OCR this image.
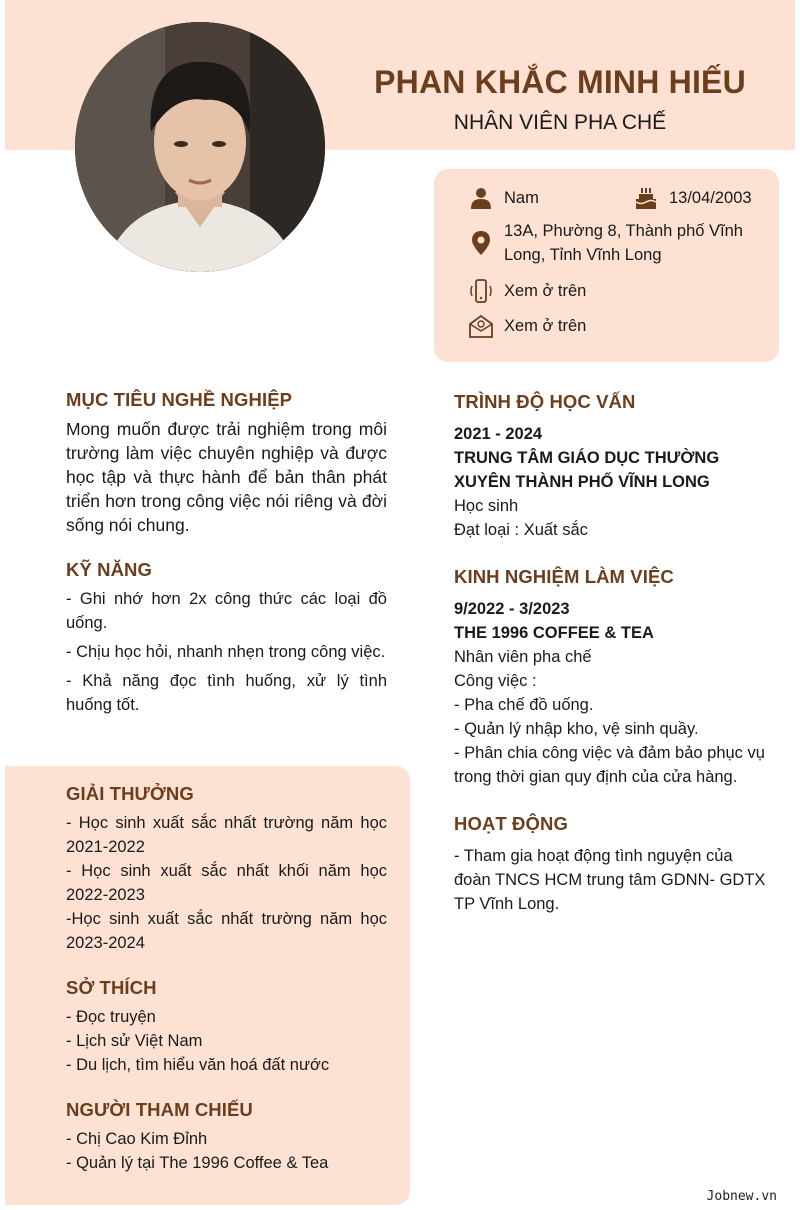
PHAN KHẮC MINH HIẾU
NHÂN VIÊN PHA CHẾ
Nam	13/04/2003
13A, Phường 8, Thành phố Vĩnh Long, Tỉnh Vĩnh Long
Xem ở trên
Xem ở trên
MỤC TIÊU NGHỀ NGHIỆP
Mong muốn được trải nghiệm trong môi trường làm việc chuyên nghiệp và được học tập và thực hành để bản thân phát triển hơn trong công việc nói riêng và đời sống nói chung.
KỸ NĂNG
- Ghi nhớ hơn 2x công thức các loại đồ uống.
- Chịu học hỏi, nhanh nhẹn trong công việc.
- Khả năng đọc tình huống, xử lý tình huống tốt.
GIẢI THƯỞNG
- Học sinh xuất sắc nhất trường năm học 2021-2022
- Học sinh xuất sắc nhất khối năm học 2022-2023
-Học sinh xuất sắc nhất trường năm học 2023-2024
SỞ THÍCH
- Đọc truyện
- Lịch sử Việt Nam
- Du lịch, tìm hiểu văn hoá đất nước
NGƯỜI THAM CHIẾU
- Chị Cao Kim Đỉnh
- Quản lý tại The 1996 Coffee & Tea
TRÌNH ĐỘ HỌC VẤN
2021 - 2024
TRUNG TÂM GIÁO DỤC THƯỜNG XUYÊN THÀNH PHỐ VĨNH LONG
Học sinh
Đạt loại : Xuất sắc
KINH NGHIỆM LÀM VIỆC
9/2022 - 3/2023
THE 1996 COFFEE & TEA
Nhân viên pha chế
Công việc :
- Pha chế đồ uống.
- Quản lý nhập kho, vệ sinh quầy.
- Phân chia công việc và đảm bảo phục vụ trong thời gian quy định của cửa hàng.
HOẠT ĐỘNG
- Tham gia hoạt động tình nguyện của đoàn TNCS HCM trung tâm GDNN- GDTX TP Vĩnh Long.
Jobnew.vn
